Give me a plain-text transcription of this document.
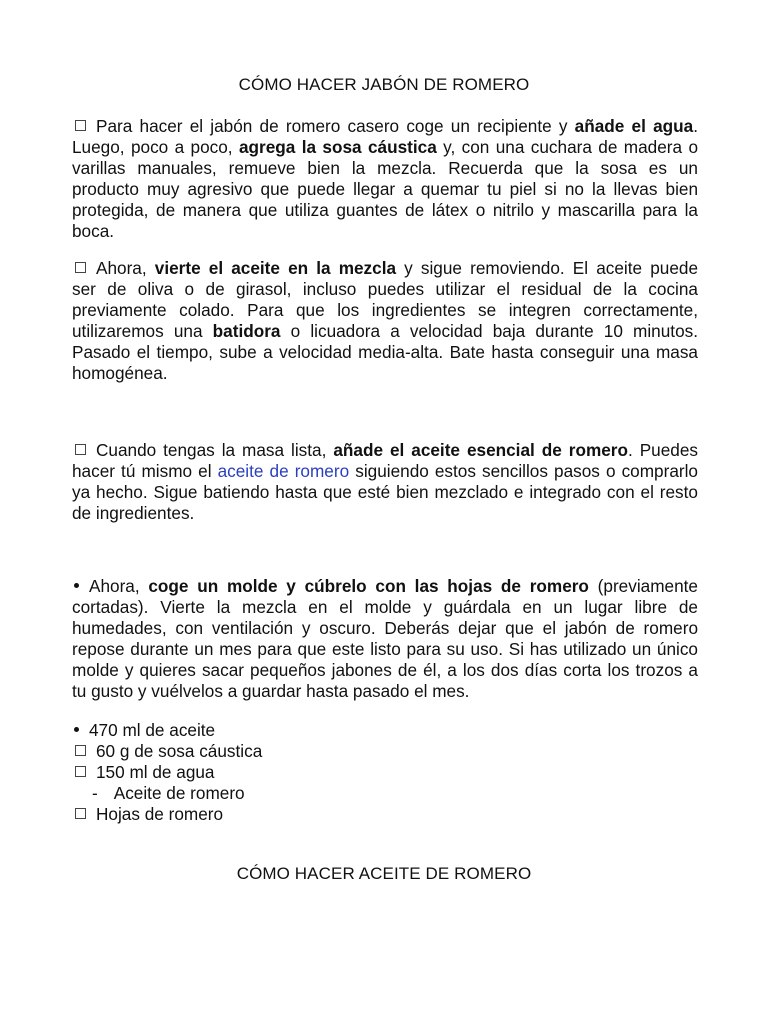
CÓMO HACER JABÓN DE ROMERO
Para hacer el jabón de romero casero coge un recipiente y añade el agua.
Luego, poco a poco, agrega la sosa cáustica y, con una cuchara de madera o
varillas manuales, remueve bien la mezcla. Recuerda que la sosa es un
producto muy agresivo que puede llegar a quemar tu piel si no la llevas bien
protegida, de manera que utiliza guantes de látex o nitrilo y mascarilla para la
boca.
Ahora, vierte el aceite en la mezcla y sigue removiendo. El aceite puede
ser de oliva o de girasol, incluso puedes utilizar el residual de la cocina
previamente colado. Para que los ingredientes se integren correctamente,
utilizaremos una batidora o licuadora a velocidad baja durante 10 minutos.
Pasado el tiempo, sube a velocidad media-alta. Bate hasta conseguir una masa
homogénea.
Cuando tengas la masa lista, añade el aceite esencial de romero. Puedes
hacer tú mismo el aceite de romero siguiendo estos sencillos pasos o comprarlo
ya hecho. Sigue batiendo hasta que esté bien mezclado e integrado con el resto
de ingredientes.
Ahora, coge un molde y cúbrelo con las hojas de romero (previamente
cortadas). Vierte la mezcla en el molde y guárdala en un lugar libre de
humedades, con ventilación y oscuro. Deberás dejar que el jabón de romero
repose durante un mes para que este listo para su uso. Si has utilizado un único
molde y quieres sacar pequeños jabones de él, a los dos días corta los trozos a
tu gusto y vuélvelos a guardar hasta pasado el mes.
470 ml de aceite
60 g de sosa cáustica
150 ml de agua
- Aceite de romero
Hojas de romero
CÓMO HACER ACEITE DE ROMERO
